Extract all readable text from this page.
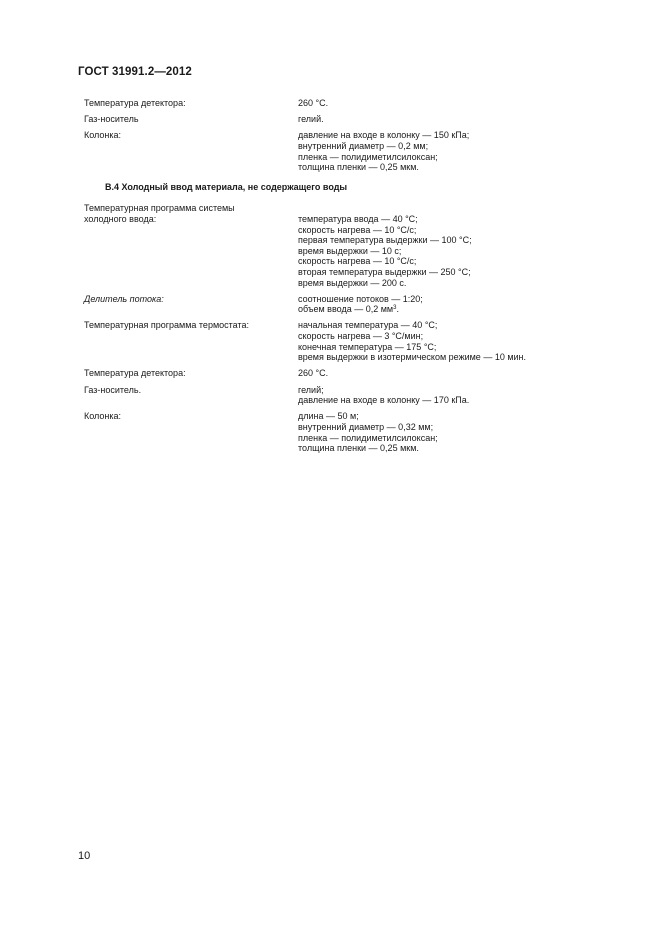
ГОСТ 31991.2—2012
Температура детектора:	260 °С.
Газ-носитель	гелий.
Колонка:	давление на входе в колонку — 150 кПа;
внутренний диаметр — 0,2 мм;
пленка — полидиметилсилоксан;
толщина пленки — 0,25 мкм.
В.4 Холодный ввод материала, не содержащего воды
Температурная программа системы
холодного ввода:	температура ввода — 40 °С;
скорость нагрева — 10 °С/с;
первая температура выдержки — 100 °С;
время выдержки — 10 с;
скорость нагрева — 10 °С/с;
вторая температура выдержки — 250 °С;
время выдержки — 200 с.
Делитель потока:	соотношение потоков — 1:20;
объем ввода — 0,2 $мм^3$.
Температурная программа термостата:	начальная температура — 40 °С;
скорость нагрева — 3 °С/мин;
конечная температура — 175 °С;
время выдержки в изотермическом режиме — 10 мин.
Температура детектора:	260 °С.
Газ-носитель.	гелий;
давление на входе в колонку — 170 кПа.
Колонка:	длина — 50 м;
внутренний диаметр — 0,32 мм;
пленка — полидиметилсилоксан;
толщина пленки — 0,25 мкм.
10
